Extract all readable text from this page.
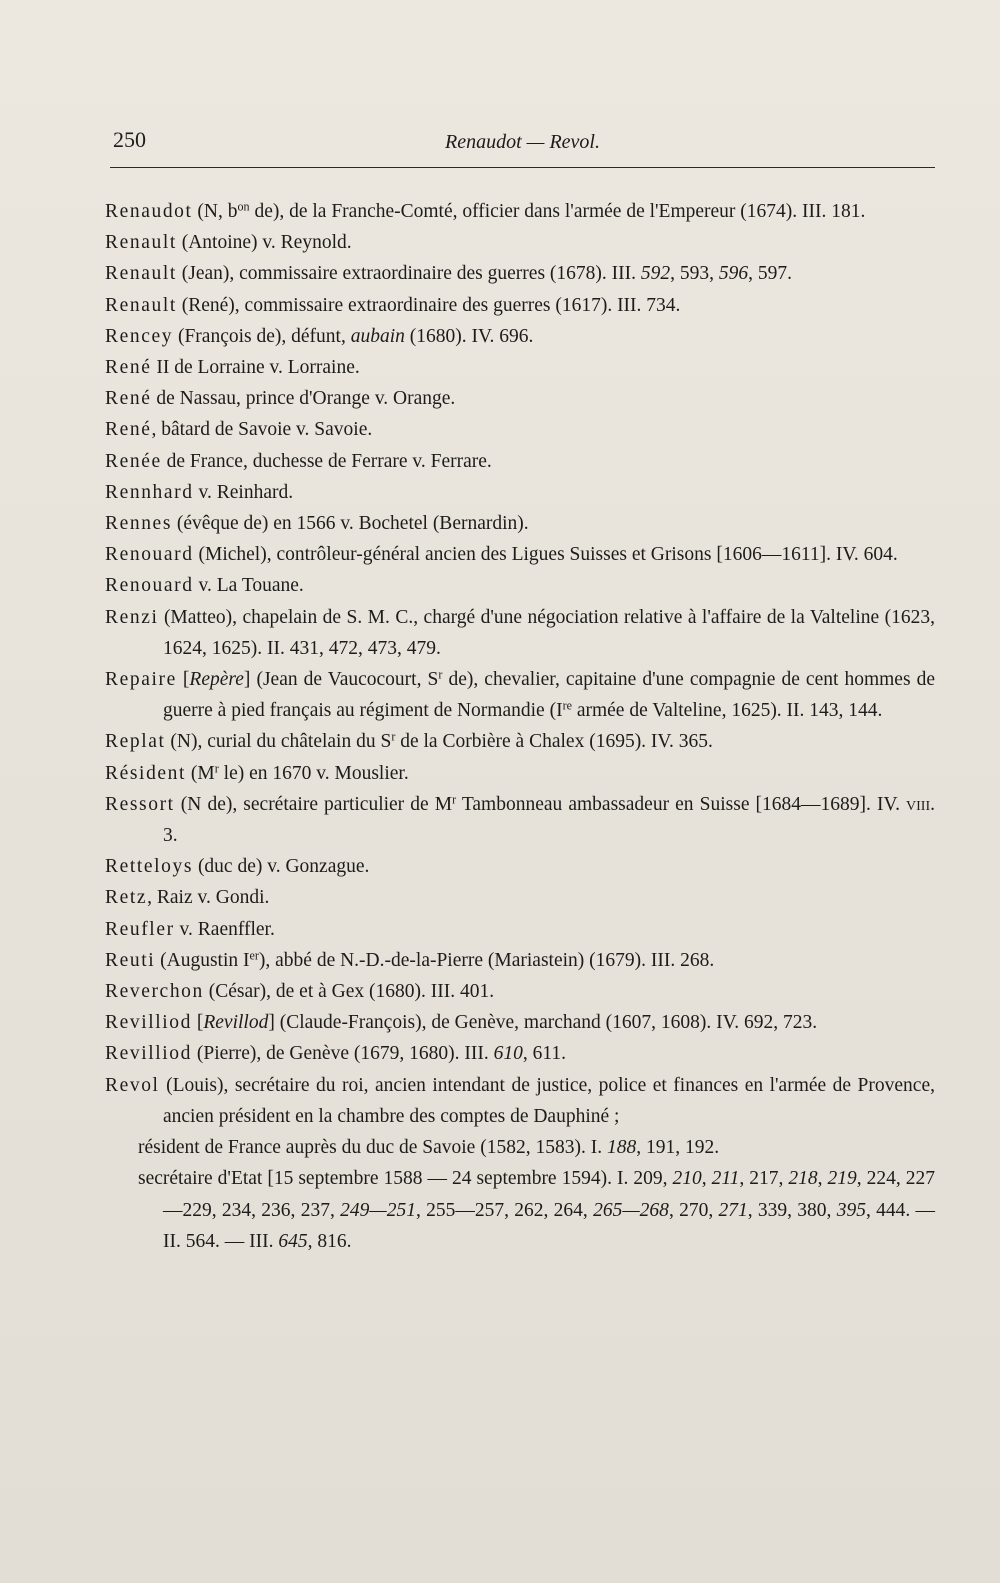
250	Renaudot — Revol.
Renaudot (N, $b^{on}$ de), de la Franche-Comté, officier dans l'armée de l'Empereur (1674). III. 181.
Renault (Antoine) v. Reynold.
Renault (Jean), commissaire extraordinaire des guerres (1678). III. 592, 593, 596, 597.
Renault (René), commissaire extraordinaire des guerres (1617). III. 734.
Rencey (François de), défunt, aubain (1680). IV. 696.
René II de Lorraine v. Lorraine.
René de Nassau, prince d'Orange v. Orange.
René, bâtard de Savoie v. Savoie.
Renée de France, duchesse de Ferrare v. Ferrare.
Rennhard v. Reinhard.
Rennes (évêque de) en 1566 v. Bochetel (Bernardin).
Renouard (Michel), contrôleur-général ancien des Ligues Suisses et Grisons [1606—1611]. IV. 604.
Renouard v. La Touane.
Renzi (Matteo), chapelain de S. M. C., chargé d'une négociation relative à l'affaire de la Valteline (1623, 1624, 1625). II. 431, 472, 473, 479.
Repaire [Repère] (Jean de Vaucocourt, $S^r$ de), chevalier, capitaine d'une compagnie de cent hommes de guerre à pied français au régiment de Normandie (Ire armée de Valteline, 1625). II. 143, 144.
Replat (N), curial du châtelain du $S^r$ de la Corbière à Chalex (1695). IV. 365.
Résident ($M^r$ le) en 1670 v. Mouslier.
Ressort (N de), secrétaire particulier de $M^r$ Tambonneau ambassadeur en Suisse [1684—1689]. IV. viii. 3.
Retteloys (duc de) v. Gonzague.
Retz, Raiz v. Gondi.
Reufler v. Raenffler.
Reuti (Augustin Ier), abbé de N.-D.-de-la-Pierre (Mariastein) (1679). III. 268.
Reverchon (César), de et à Gex (1680). III. 401.
Revilliod [Revillod] (Claude-François), de Genève, marchand (1607, 1608). IV. 692, 723.
Revilliod (Pierre), de Genève (1679, 1680). III. 610, 611.
Revol (Louis), secrétaire du roi, ancien intendant de justice, police et finances en l'armée de Provence, ancien président en la chambre des comptes de Dauphiné ;
résident de France auprès du duc de Savoie (1582, 1583). I. 188, 191, 192.
secrétaire d'Etat [15 septembre 1588 — 24 septembre 1594). I. 209, 210, 211, 217, 218, 219, 224, 227—229, 234, 236, 237, 249—251, 255—257, 262, 264, 265—268, 270, 271, 339, 380, 395, 444. — II. 564. — III. 645, 816.
